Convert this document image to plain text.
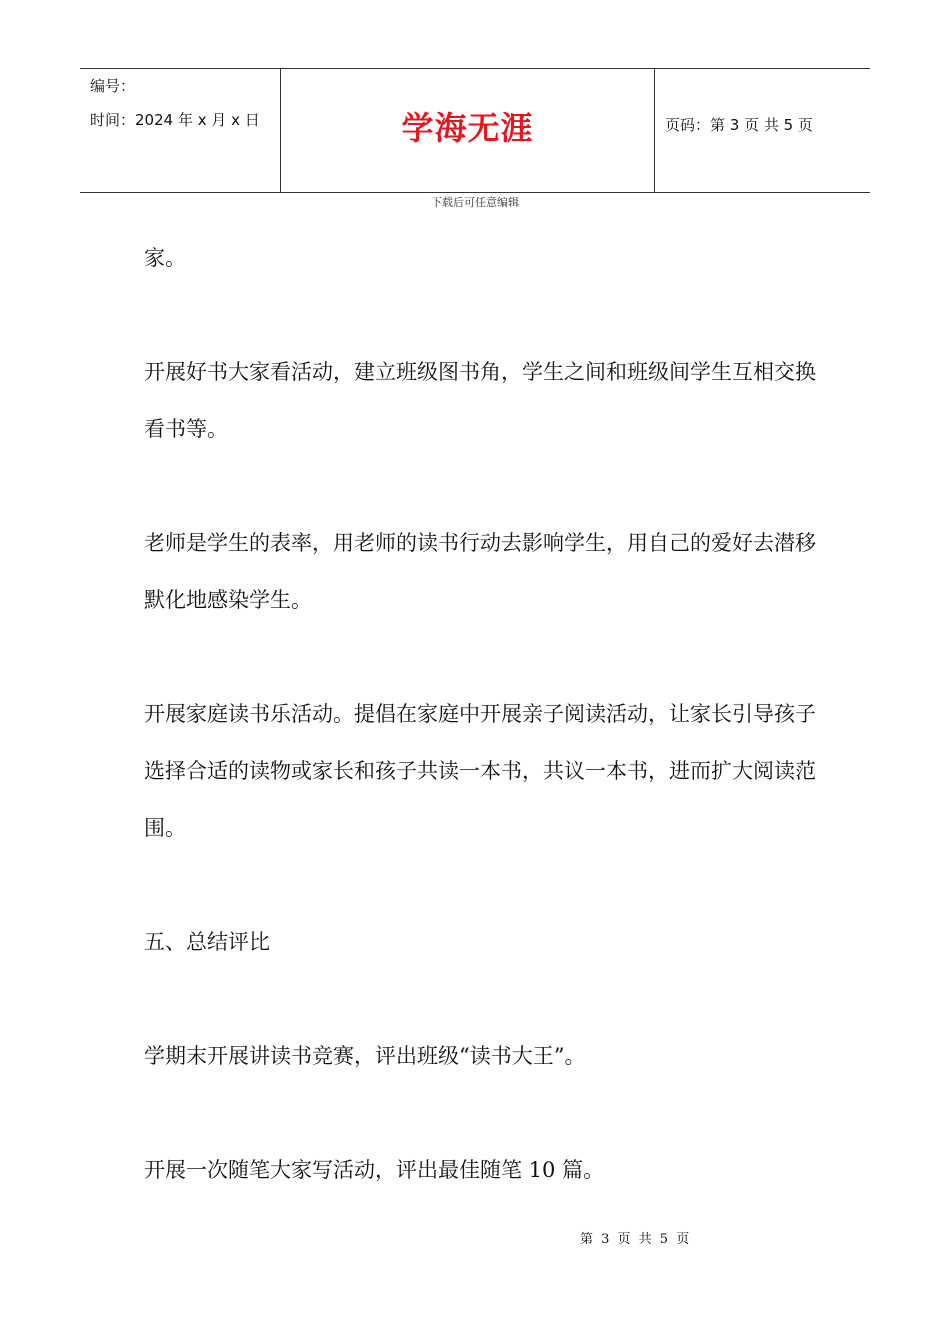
编号：
时间：2024 年 x 月 x 日	学海无涯	页码：第 3 页 共 5 页
下载后可任意编辑

家。

开展好书大家看活动，建立班级图书角，学生之间和班级间学生互相交换看书等。

老师是学生的表率，用老师的读书行动去影响学生，用自己的爱好去潜移默化地感染学生。

开展家庭读书乐活动。提倡在家庭中开展亲子阅读活动，让家长引导孩子选择合适的读物或家长和孩子共读一本书，共议一本书，进而扩大阅读范围。

五、总结评比

学期末开展讲读书竞赛，评出班级“读书大王”。

开展一次随笔大家写活动，评出最佳随笔 10 篇。

第 3 页 共 5 页
